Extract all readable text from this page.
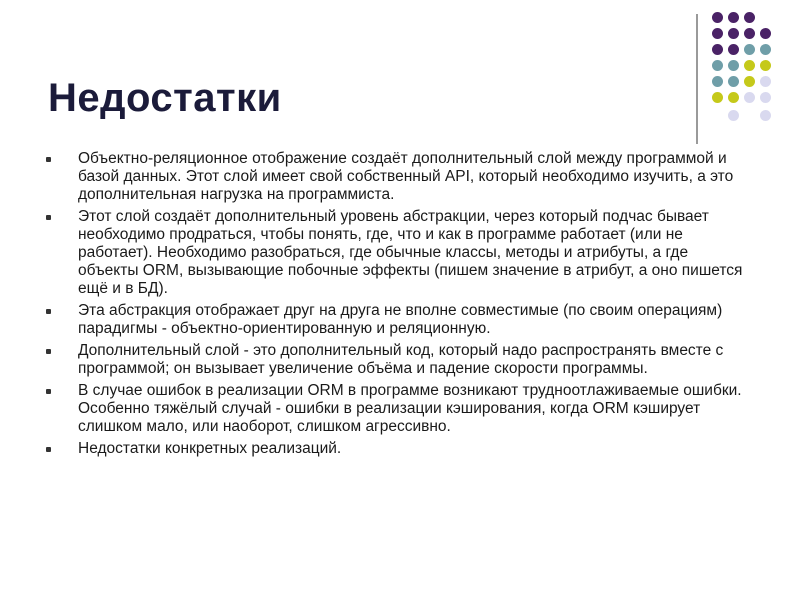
Недостатки
Объектно-реляционное отображение создаёт дополнительный слой между программой и базой данных. Этот слой имеет свой собственный API, который необходимо изучить, а это дополнительная нагрузка на программиста.
Этот слой создаёт дополнительный уровень абстракции, через который подчас бывает необходимо продраться, чтобы понять, где, что и как в программе работает (или не работает). Необходимо разобраться, где обычные классы, методы и атрибуты, а где объекты ORM, вызывающие побочные эффекты (пишем значение в атрибут, а оно пишется ещё и в БД).
Эта абстракция отображает друг на друга не вполне совместимые (по своим операциям) парадигмы - объектно-ориентированную и реляционную.
Дополнительный слой - это дополнительный код, который надо распространять вместе с программой; он вызывает увеличение объёма и падение скорости программы.
В случае ошибок в реализации ORM в программе возникают трудноотлаживаемые ошибки. Особенно тяжёлый случай - ошибки в реализации кэширования, когда ORM кэширует слишком мало, или наоборот, слишком агрессивно.
Недостатки конкретных реализаций.
